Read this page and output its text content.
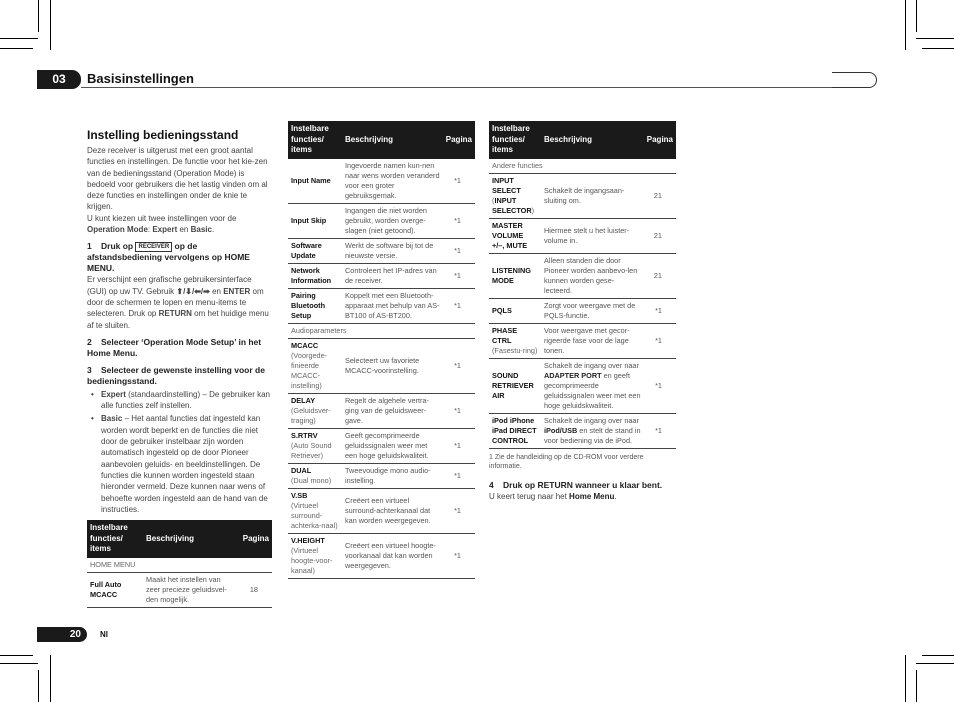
03	Basisinstellingen
Instelling bedieningsstand

Deze receiver is uitgerust met een groot aantal functies en instellingen. De functie voor het kie-zen van de bedieningsstand (Operation Mode) is bedoeld voor gebruikers die het lastig vinden om al deze functies en instellingen onder de knie te krijgen.

U kunt kiezen uit twee instellingen voor de Operation Mode: Expert en Basic.

1 Druk op RECEIVER op de afstandsbediening vervolgens op HOME MENU.

Er verschijnt een grafische gebruikersinterface (GUI) op uw TV. Gebruik ⬆/⬇/⬅/➡ en ENTER om door de schermen te lopen en menu-items te selecteren. Druk op RETURN om het huidige menu af te sluiten.

2 Selecteer ‘Operation Mode Setup’ in het Home Menu.
3 Selecteer de gewenste instelling voor de bedieningsstand.
• Expert (standaardinstelling) – De gebruiker kan alle functies zelf instellen.
• Basic – Het aantal functies dat ingesteld kan worden wordt beperkt en de functies die niet door de gebruiker instelbaar zijn worden automatisch ingesteld op de door Pioneer aanbevolen geluids- en beeldinstellingen. De functies die kunnen worden ingesteld staan hieronder vermeld. Deze kunnen naar wens of behoefte worden ingesteld aan de hand van de instructies.
Instelbare functies/ items	Beschrijving	Pagina
HOME MENU		
Full Auto MCACC	Maakt het instellen van zeer precieze geluidsvel-den mogelijk.	18
Instelbare functies/ items	Beschrijving	Pagina
Input Name	Ingevoerde namen kun-nen naar wens worden veranderd voor een groter gebruiksgemak.	*1
Input Skip	Ingangen die niet worden gebruikt, worden overge-slagen (niet getoond).	*1
Software Update	Werkt de software bij tot de nieuwste versie.	*1
Network Information	Controleert het IP-adres van de receiver.	*1
Pairing Bluetooth Setup	Koppelt met een Bluetooth-apparaat met behulp van AS-BT100 of AS-BT200.	*1
Audioparameters		

MCACC
(Voorgede-finieerde MCACC-instelling)	Selecteert uw favoriete MCACC-voorinstelling.	*1

DELAY
(Geluidsver-traging)	Regelt de algehele vertra-ging van de geluidsweer-gave.	*1

S.RTRV
(Auto Sound Retriever)	Geeft gecomprimeerde geluidssignalen weer met een hoge geluidskwaliteit.	*1

DUAL
(Dual mono)	Tweevoudige mono audio-instelling.	*1

V.SB
(Virtueel surround-achterka-naal)	Creëert een virtueel surround-achterkanaal dat kan worden weergegeven.	*1

V.HEIGHT
(Virtueel hoogte-voor-kanaal)	Creëert een virtueel hoogte-voorkanaal dat kan worden weergegeven.	*1
Instelbare functies/ items	Beschrijving	Pagina
Andere functies		

INPUT SELECT
(INPUT SELECTOR)	Schakelt de ingangsaan-sluiting om.	21

MASTER VOLUME
+/–, MUTE	Hiermee stelt u het luister-volume in.	21

LISTENING MODE	Alleen standen die door Pioneer worden aanbevo-len kunnen worden gese-lecteerd.	21

PQLS	Zorgt voor weergave met de PQLS-functie.	*1

PHASE CTRL
(Fasestu-ring)	Voor weergave met gecor-rigeerde fase voor de lage tonen.	*1
SOUND RETRIEVER AIR	Schakelt de ingang over naar ADAPTER PORT en geeft gecomprimeerde geluidssignalen weer met een hoge geluidskwaliteit.	*1
iPod iPhone iPad DIRECT CONTROL	Schakelt de ingang over naar iPod/USB en stelt de stand in voor bediening via de iPod.	*1
1 Zie de handleiding op de CD-ROM voor verdere informatie.
4 Druk op RETURN wanneer u klaar bent.

U keert terug naar het Home Menu.

20	Nl
